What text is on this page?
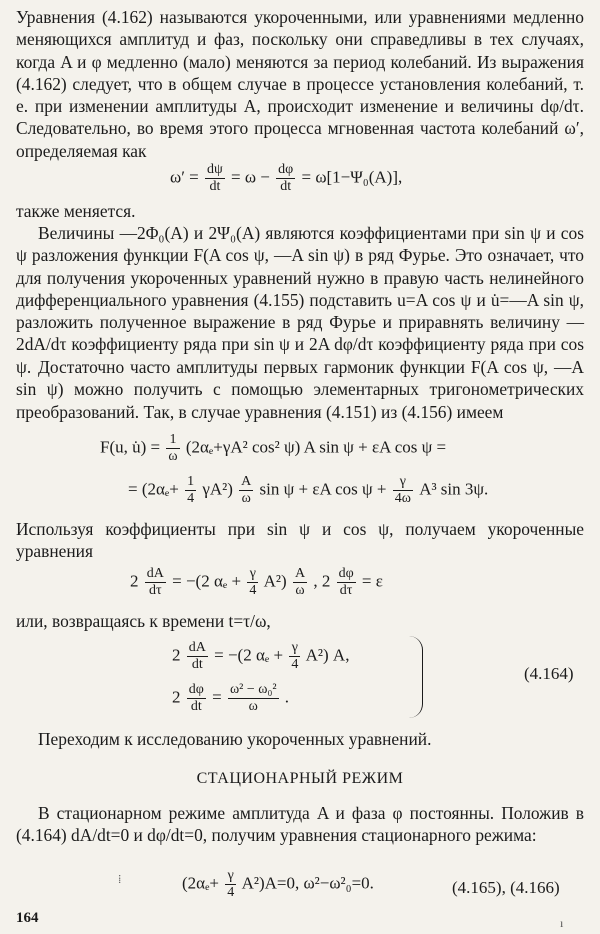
Уравнения (4.162) называются укороченными, или уравнениями медленно меняющихся амплитуд и фаз, поскольку они справедливы в тех случаях, когда A и φ медленно (мало) меняются за период колебаний. Из выражения (4.162) следует, что в общем случае в процессе установления колебаний, т. е. при изменении амплитуды A, происходит изменение и величины dφ/dτ. Следовательно, во время этого процесса мгновенная частота колебаний ω′, определяемая как

$\omega' = \frac{d\psi}{dt} = \omega - \frac{d\varphi}{dt} = \omega[1-\Psi_0(A)]$,

также меняется.

Величины —2Φ₀(A) и 2Ψ₀(A) являются коэффициентами при sin ψ и cos ψ разложения функции F(A cos ψ, —A sin ψ) в ряд Фурье. Это означает, что для получения укороченных уравнений нужно в правую часть нелинейного дифференциального уравнения (4.155) подставить u=A cos ψ и u̇=—A sin ψ, разложить полученное выражение в ряд Фурье и приравнять величину —2dA/dτ коэффициенту ряда при sin ψ и 2A dφ/dτ коэффициенту ряда при cos ψ. Достаточно часто амплитуды первых гармоник функции F(A cos ψ, —A sin ψ) можно получить с помощью элементарных тригонометрических преобразований. Так, в случае уравнения (4.151) из (4.156) имеем

F(u, u̇) = $\frac{1}{\omega} (2\alpha_e+\gamma A^2$ cos² ψ) A sin ψ + εA cos ψ =
= $(2\alpha_e+ \frac{1}{4} \gamma A^2) \frac{A}{\omega}$ sin ψ + εA $\cos \psi + \frac{\gamma}{4\omega} A^3$ sin 3ψ.

Используя коэффициенты при sin ψ и cos ψ, получаем укороченные уравнения

$2 \frac{dA}{d\tau} = -(2$ $\alpha_e + \frac{\gamma}{4} A^2) \frac{A}{\omega}$ , $2 \frac{d\varphi}{d\tau} = \varepsilon$

или, возвращаясь к времени t=τ/ω,

$2 \frac{dA}{dt} = -(2$ $\alpha_e + \frac{\gamma}{4} A^2$) A,
$2 \frac{d\varphi}{dt} = \frac{\text{ω² − ω₀²}}{\omega}$ .
(4.164)

Переходим к исследованию укороченных уравнений.

СТАЦИОНАРНЫЙ РЕЖИМ

В стационарном режиме амплитуда A и фаза φ постоянны. Положив в (4.164) dA/dt=0 и dφ/dt=0, получим уравнения стационарного режима:

⁞	$(2\alpha_e+ \frac{\gamma}{4} A^2)A=0$, ω²−ω²₀=0.	(4.165), (4.166)
164	ı
